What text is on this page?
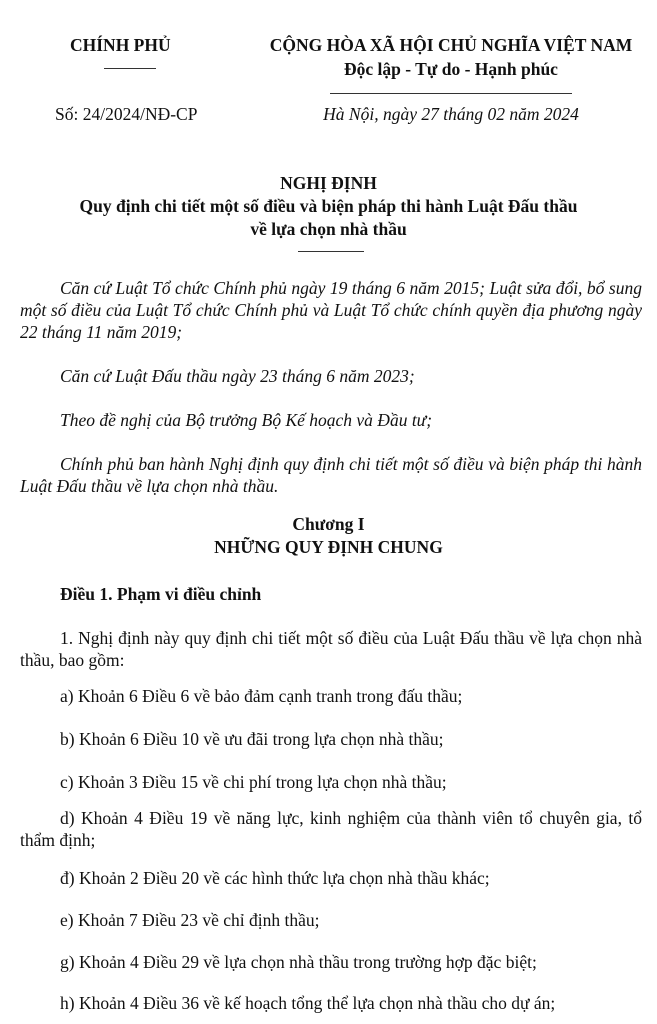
CHÍNH PHỦ
Số: 24/2024/NĐ-CP
CỘNG HÒA XÃ HỘI CHỦ NGHĨA VIỆT NAM
Độc lập - Tự do - Hạnh phúc
Hà Nội, ngày 27 tháng 02 năm 2024
NGHỊ ĐỊNH
Quy định chi tiết một số điều và biện pháp thi hành Luật Đấu thầu
về lựa chọn nhà thầu
Căn cứ Luật Tổ chức Chính phủ ngày 19 tháng 6 năm 2015; Luật sửa đổi, bổ sung một số điều của Luật Tổ chức Chính phủ và Luật Tổ chức chính quyền địa phương ngày 22 tháng 11 năm 2019;
Căn cứ Luật Đấu thầu ngày 23 tháng 6 năm 2023;
Theo đề nghị của Bộ trưởng Bộ Kế hoạch và Đầu tư;
Chính phủ ban hành Nghị định quy định chi tiết một số điều và biện pháp thi hành Luật Đấu thầu về lựa chọn nhà thầu.
Chương I
NHỮNG QUY ĐỊNH CHUNG
Điều 1. Phạm vi điều chỉnh
1. Nghị định này quy định chi tiết một số điều của Luật Đấu thầu về lựa chọn nhà thầu, bao gồm:
a) Khoản 6 Điều 6 về bảo đảm cạnh tranh trong đấu thầu;
b) Khoản 6 Điều 10 về ưu đãi trong lựa chọn nhà thầu;
c) Khoản 3 Điều 15 về chi phí trong lựa chọn nhà thầu;
d) Khoản 4 Điều 19 về năng lực, kinh nghiệm của thành viên tổ chuyên gia, tổ thẩm định;
đ) Khoản 2 Điều 20 về các hình thức lựa chọn nhà thầu khác;
e) Khoản 7 Điều 23 về chỉ định thầu;
g) Khoản 4 Điều 29 về lựa chọn nhà thầu trong trường hợp đặc biệt;
h) Khoản 4 Điều 36 về kế hoạch tổng thể lựa chọn nhà thầu cho dự án;
